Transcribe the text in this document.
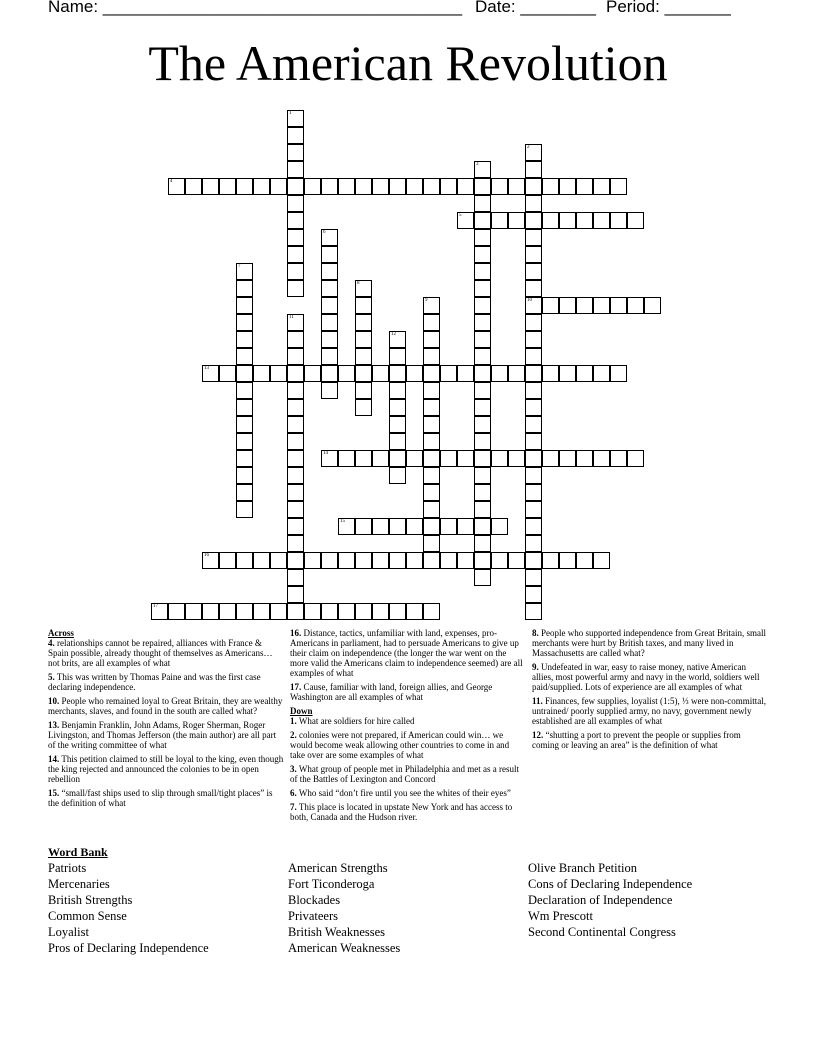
Name: ______________________________________ Date: ________ Period: _______
The American Revolution
1
2
10
3
4
5
6
7
8
9
11
12
13
14
15
16
17
Across
4. relationships cannot be repaired, alliances with France & Spain possible, already thought of themselves as Americans… not brits, are all examples of what
5. This was written by Thomas Paine and was the first case declaring independence.
10. People who remained loyal to Great Britain, they are wealthy merchants, slaves, and found in the south are called what?
13. Benjamin Franklin, John Adams, Roger Sherman, Roger Livingston, and Thomas Jefferson (the main author) are all part of the writing committee of what
14. This petition claimed to still be loyal to the king, even though the king rejected and announced the colonies to be in open rebellion
15. “small/fast ships used to slip through small/tight places” is the definition of what
16. Distance, tactics, unfamiliar with land, expenses, pro-Americans in parliament, had to persuade Americans to give up their claim on independence (the longer the war went on the more valid the Americans claim to independence seemed) are all examples of what
17. Cause, familiar with land, foreign allies, and George Washington are all examples of what
Down
1. What are soldiers for hire called
2. colonies were not prepared, if American could win… we would become weak allowing other countries to come in and take over are some examples of what
3. What group of people met in Philadelphia and met as a result of the Battles of Lexington and Concord
6. Who said “don’t fire until you see the whites of their eyes”
7. This place is located in upstate New York and has access to both, Canada and the Hudson river.
8. People who supported independence from Great Britain, small merchants were hurt by British taxes, and many lived in Massachusetts are called what?
9. Undefeated in war, easy to raise money, native American allies, most powerful army and navy in the world, soldiers well paid/supplied. Lots of experience are all examples of what
11. Finances, few supplies, loyalist (1:5), ⅓ were non-committal, untrained/ poorly supplied army, no navy, government newly established are all examples of what
12. “shutting a port to prevent the people or supplies from coming or leaving an area” is the definition of what
Word Bank
Patriots
Mercenaries
British Strengths
Common Sense
Loyalist
Pros of Declaring Independence
American Strengths
Fort Ticonderoga
Blockades
Privateers
British Weaknesses
American Weaknesses
Olive Branch Petition
Cons of Declaring Independence
Declaration of Independence
Wm Prescott
Second Continental Congress
